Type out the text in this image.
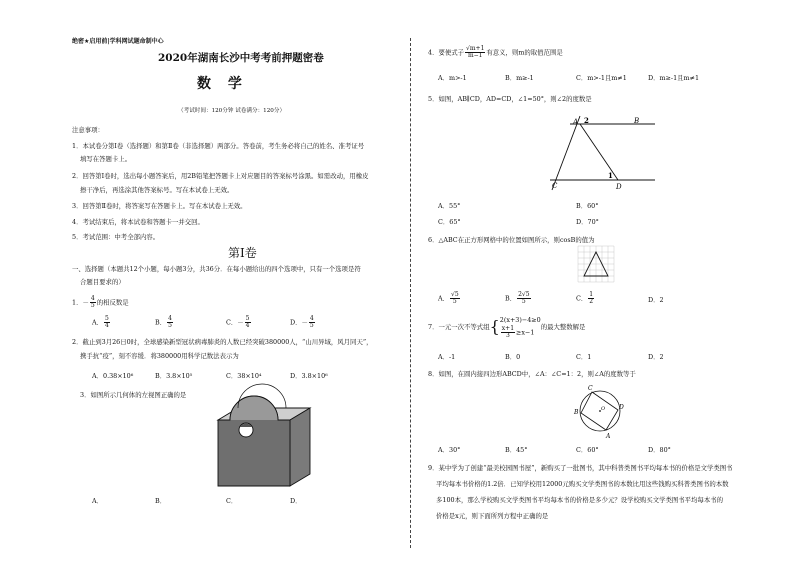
绝密★启用前|学科网试题命制中心
2020年湖南长沙中考考前押题密卷
数 学
（考试时间：120分钟 试卷满分：120分）
注意事项：
1．本试卷分第Ⅰ卷（选择题）和第Ⅱ卷（非选择题）两部分。答卷前，考生务必将自己的姓名、准考证号
填写在答题卡上。
2．回答第Ⅰ卷时，选出每小题答案后，用2B铅笔把答题卡上对应题目的答案标号涂黑。如需改动，用橡皮
擦干净后，再选涂其他答案标号。写在本试卷上无效。
3．回答第Ⅱ卷时，将答案写在答题卡上。写在本试卷上无效。
4．考试结束后，将本试卷和答题卡一并交回。
5．考试范围：中考全部内容。
第Ⅰ卷
一、选择题（本题共12个小题，每小题3分，共36分．在每小题给出的四个选项中，只有一个选项是符
合题目要求的）
1．－ $\frac{4}{5}$ 的相反数是
A． $\frac{5}{4}$	B． $\frac{4}{5}$	C．－ $\frac{5}{4}$	D．－ $\frac{4}{5}$
2．截止到3月26日0时，全球感染新型冠状病毒肺炎的人数已经突破380000人，“山川异域，风月同天”，
携手抗“疫”，刻不容缓．将380000用科学记数法表示为
A．0.38×10⁶	B．3.8×10⁵	C．38×10⁴	D．3.8×10⁶
3．如图所示几何体的左视图正确的是
A．	B．	C．	D．
4．要使式子 $\frac{√m+1}{m-1}$ 有意义，则m的取值范围是
A．m>-1	B．m≥-1	C．m>-1且m≠1	D．m≥-1且m≠1
5．如图，AB∥CD，AD=CD，∠1=50°，则∠2的度数是
A 2	B
C
1
D
A．55°	B．60°
C．65°	D．70°
6．△ABC在正方形网格中的位置如图所示，则cosB的值为
A． $\frac{√5}{5}$	B． $\frac{2√5}{5}$	C． $\frac{1}{2}$	D．2
7．一元一次不等式组 { 2(x+3)−4≥0
$\frac{x+1}{3} \ge x-1$
的最大整数解是
A．-1	B．0	C．1	D．2
8．如图，在圆内接四边形ABCD中，∠A：∠C=1：2，则∠A的度数等于
C
D
A
B	O
A．30°	B．45°	C．60°	D．80°
9．某中学为了创建“最美校园图书屋”，新购买了一批图书，其中科普类图书平均每本书的价格是文学类图书
平均每本书价格的1.2倍．已知学校用12000元购买文学类图书的本数比用这些钱购买科普类图书的本数
多100本，那么学校购买文学类图书平均每本书的价格是多少元？设学校购买文学类图书平均每本书的
价格是x元，则下面所列方程中正确的是
